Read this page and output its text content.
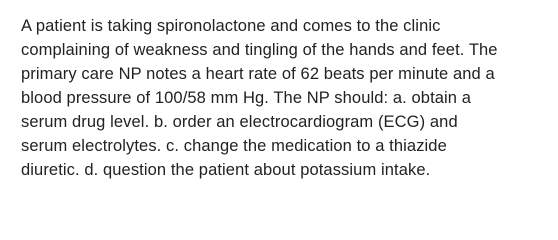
A patient is taking spironolactone and comes to the clinic
complaining of weakness and tingling of the hands and feet. The
primary care NP notes a heart rate of 62 beats per minute and a
blood pressure of 100/58 mm Hg. The NP should: a. obtain a
serum drug level. b. order an electrocardiogram (ECG) and
serum electrolytes. c. change the medication to a thiazide
diuretic. d. question the patient about potassium intake.
